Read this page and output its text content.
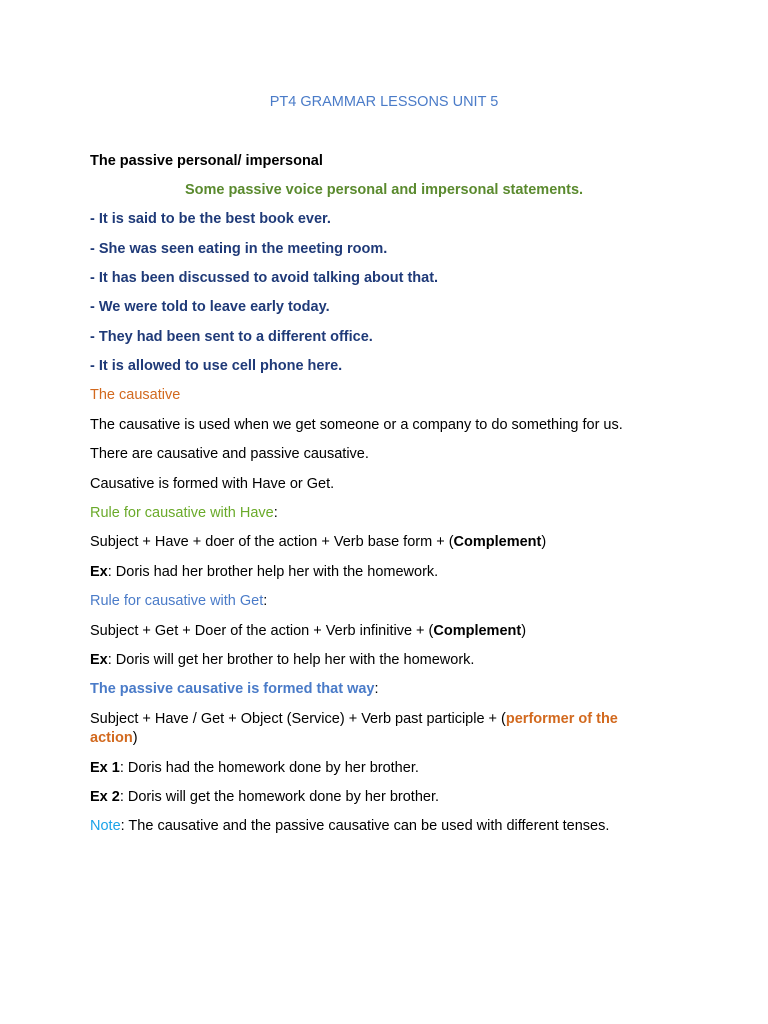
PT4 GRAMMAR LESSONS UNIT 5
The passive personal/ impersonal
Some passive voice personal and impersonal statements.
- It is said to be the best book ever.
- She was seen eating in the meeting room.
- It has been discussed to avoid talking about that.
- We were told to leave early today.
- They had been sent to a different office.
- It is allowed to use cell phone here.
The causative
The causative is used when we get someone or a company to do something for us.
There are causative and passive causative.
Causative is formed with Have or Get.
Rule for causative with Have:
Subject + Have + doer of the action + Verb base form + (Complement)
Ex: Doris had her brother help her with the homework.
Rule for causative with Get:
Subject + Get + Doer of the action + Verb infinitive + (Complement)
Ex: Doris will get her brother to help her with the homework.
The passive causative is formed that way:
Subject + Have / Get + Object (Service) + Verb past participle + (performer of the
action)
Ex 1: Doris had the homework done by her brother.
Ex 2: Doris will get the homework done by her brother.
Note: The causative and the passive causative can be used with different tenses.
